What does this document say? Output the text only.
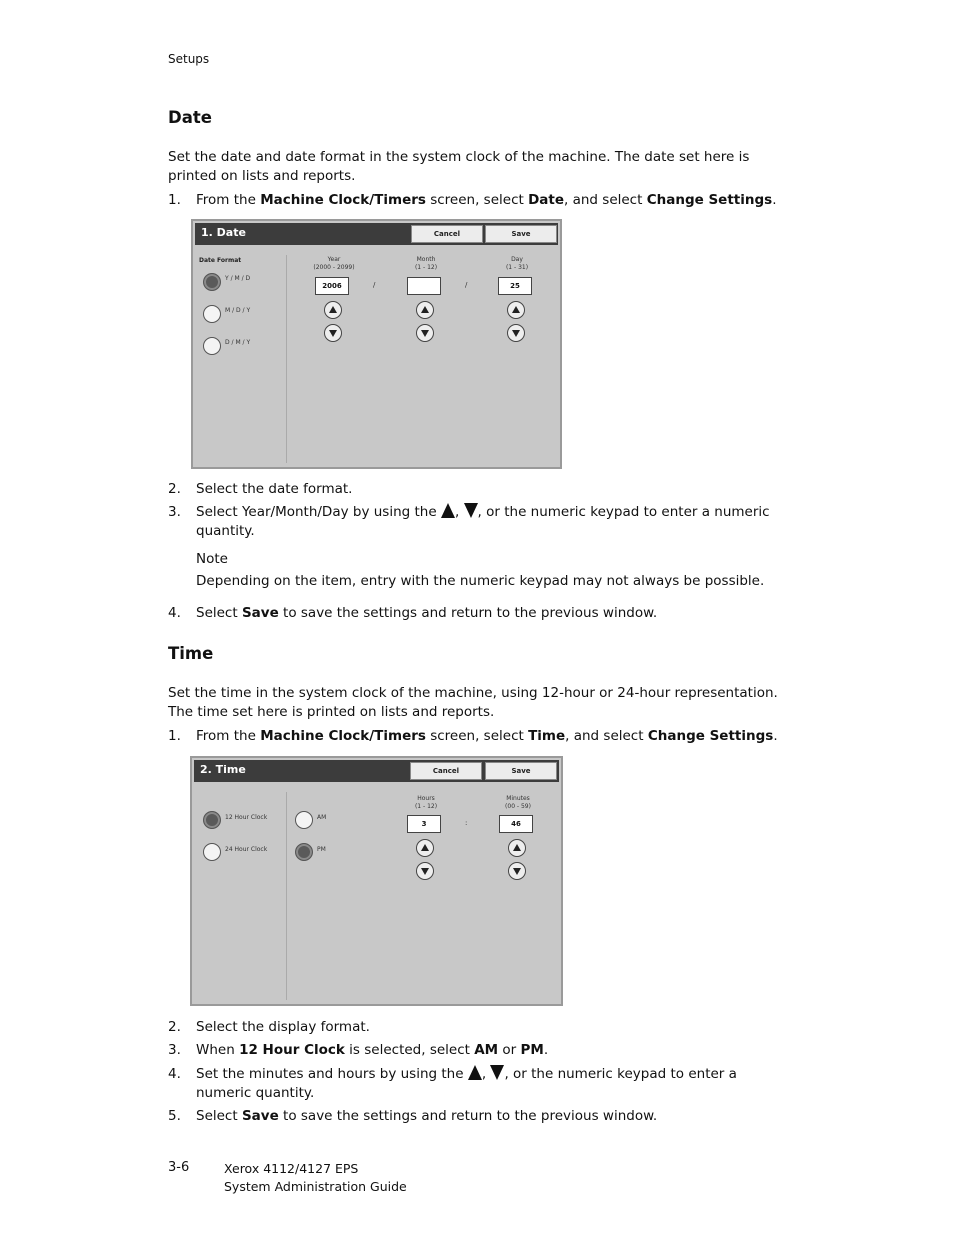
Setups
Date
Set the date and date format in the system clock of the machine. The date set here is printed on lists and reports.
1. From the Machine Clock/Timers screen, select Date, and select Change Settings.
1. Date	Cancel	Save
Date Format
Y / M / D
M / D / Y
D / M / Y
Year
(2000 - 2099)
2006	/
Month
(1 - 12)
/
Day
(1 - 31)
25
2. Select the date format.
3. Select Year/Month/Day by using the , , or the numeric keypad to enter a numeric quantity.
Note
Depending on the item, entry with the numeric keypad may not always be possible.
4. Select Save to save the settings and return to the previous window.
Time
Set the time in the system clock of the machine, using 12-hour or 24-hour representation. The time set here is printed on lists and reports.
1. From the Machine Clock/Timers screen, select Time, and select Change Settings.
2. Time	Cancel	Save
12 Hour Clock
24 Hour Clock
AM
PM
Hours
(1 - 12)
3	:
Minutes
(00 - 59)
46
2. Select the display format.
3. When 12 Hour Clock is selected, select AM or PM.
4. Set the minutes and hours by using the , , or the numeric keypad to enter a numeric quantity.
5. Select Save to save the settings and return to the previous window.
3-6	Xerox 4112/4127 EPS
System Administration Guide
